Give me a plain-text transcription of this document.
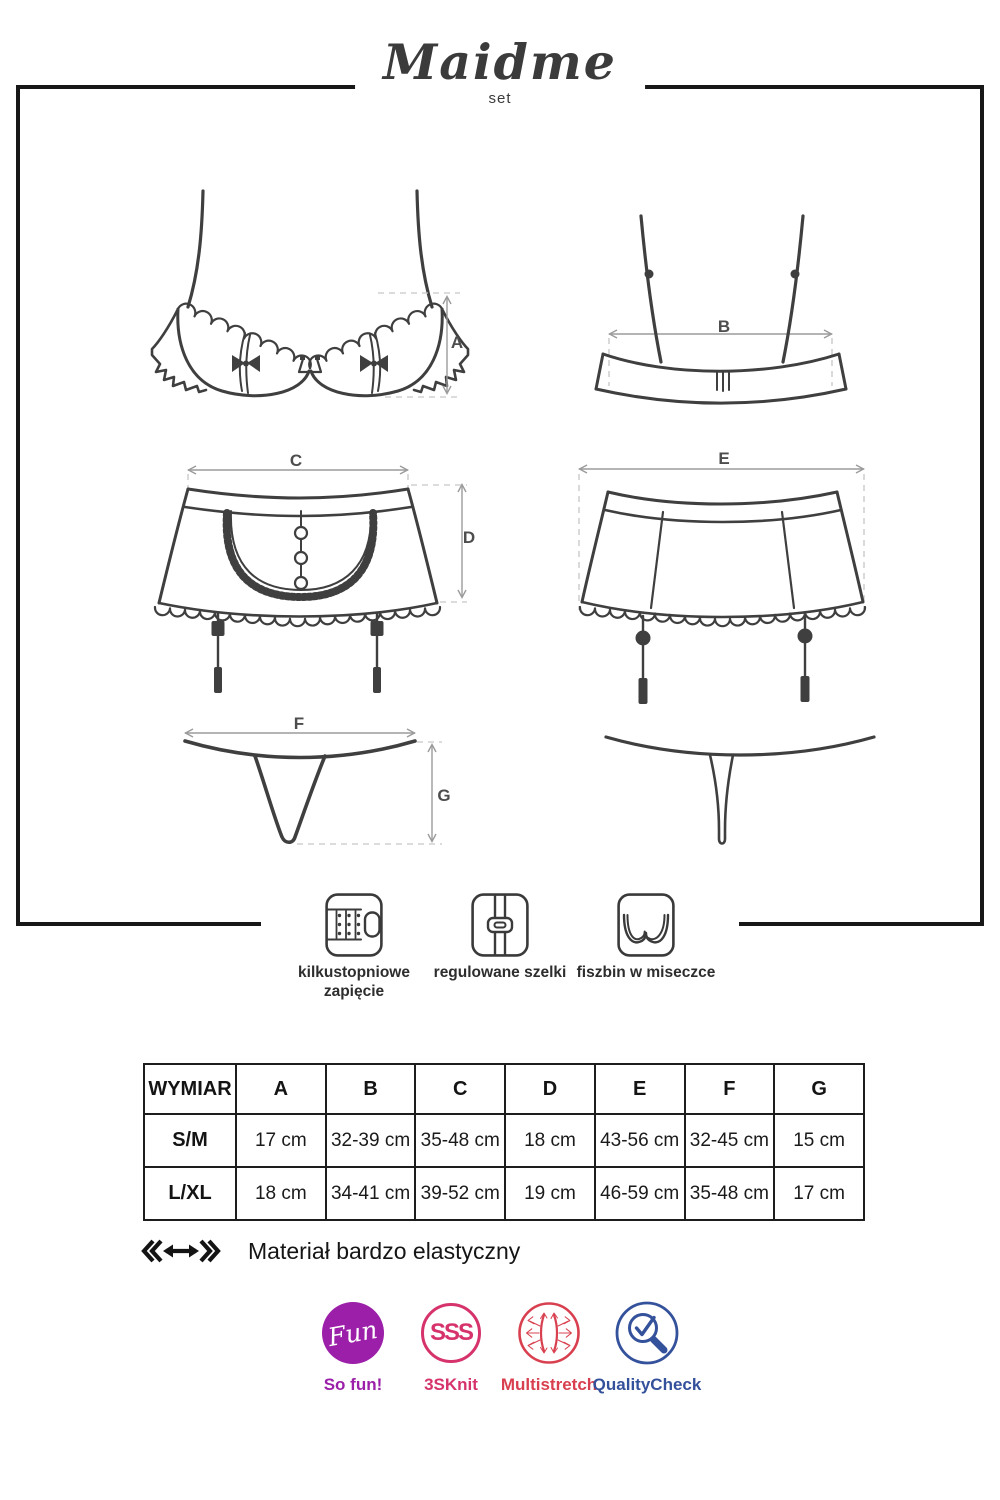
Maidme
set
A
B
C
D
E
F
G
kilkustopniowe zapięcie
regulowane szelki fiszbin w miseczce
WYMIAR	A	B	C	D	E	F	G
S/M	17 cm	32-39 cm	35-48 cm	18 cm	43-56 cm	32-45 cm	15 cm
L/XL	18 cm	34-41 cm	39-52 cm	19 cm	46-59 cm	35-48 cm	17 cm
Materiał bardzo elastyczny
Fun
So fun!
SSS
3SKnit Multistretch
QualityCheck
